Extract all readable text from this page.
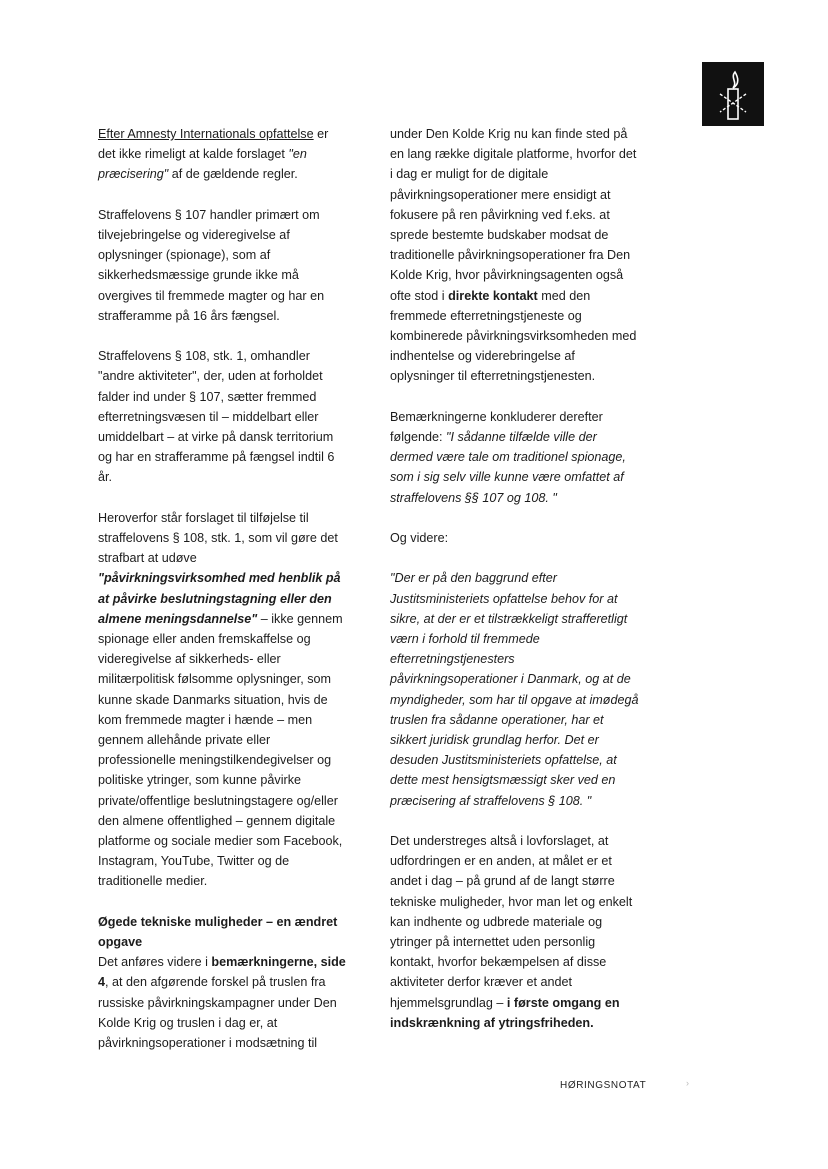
Efter Amnesty Internationals opfattelse er det ikke rimeligt at kalde forslaget "en præcisering" af de gældende regler.

Straffelovens § 107 handler primært om tilvejebringelse og videregivelse af oplysninger (spionage), som af sikkerhedsmæssige grunde ikke må overgives til fremmede magter og har en strafferamme på 16 års fængsel.

Straffelovens § 108, stk. 1, omhandler "andre aktiviteter", der, uden at forholdet falder ind under § 107, sætter fremmed efterretningsvæsen til – middelbart eller umiddelbart – at virke på dansk territorium og har en strafferamme på fængsel indtil 6 år.

Heroverfor står forslaget til tilføjelse til straffelovens § 108, stk. 1, som vil gøre det strafbart at udøve "påvirkningsvirksomhed med henblik på at påvirke beslutningstagning eller den almene meningsdannelse" – ikke gennem spionage eller anden fremskaffelse og videregivelse af sikkerheds- eller militærpolitisk følsomme oplysninger, som kunne skade Danmarks situation, hvis de kom fremmede magter i hænde – men gennem allehånde private eller professionelle meningstilkendegivelser og politiske ytringer, som kunne påvirke private/offentlige beslutningstagere og/eller den almene offentlighed – gennem digitale platforme og sociale medier som Facebook, Instagram, YouTube, Twitter og de traditionelle medier.

Øgede tekniske muligheder – en ændret opgave

Det anføres videre i bemærkningerne, side 4, at den afgørende forskel på truslen fra russiske påvirkningskampagner under Den Kolde Krig og truslen i dag er, at påvirkningsoperationer i modsætning til

under Den Kolde Krig nu kan finde sted på en lang række digitale platforme, hvorfor det i dag er muligt for de digitale påvirkningsoperationer mere ensidigt at fokusere på ren påvirkning ved f.eks. at sprede bestemte budskaber modsat de traditionelle påvirkningsoperationer fra Den Kolde Krig, hvor påvirkningsagenten også ofte stod i direkte kontakt med den fremmede efterretningstjeneste og kombinerede påvirkningsvirksomheden med indhentelse og viderebringelse af oplysninger til efterretningstjenesten.

Bemærkningerne konkluderer derefter følgende: "I sådanne tilfælde ville der dermed være tale om traditionel spionage, som i sig selv ville kunne være omfattet af straffelovens §§ 107 og 108. "

Og videre:

"Der er på den baggrund efter Justitsministeriets opfattelse behov for at sikre, at der er et tilstrækkeligt strafferetligt værn i forhold til fremmede efterretningstjenesters påvirkningsoperationer i Danmark, og at de myndigheder, som har til opgave at imødegå truslen fra sådanne operationer, har et sikkert juridisk grundlag herfor. Det er desuden Justitsministeriets opfattelse, at dette mest hensigtsmæssigt sker ved en præcisering af straffelovens § 108. "

Det understreges altså i lovforslaget, at udfordringen er en anden, at målet er et andet i dag – på grund af de langt større tekniske muligheder, hvor man let og enkelt kan indhente og udbrede materiale og ytringer på internettet uden personlig kontakt, hvorfor bekæmpelsen af disse aktiviteter derfor kræver et andet hjemmelsgrundlag – i første omgang en indskrænkning af ytringsfriheden.

HØRINGSNOTAT	›
